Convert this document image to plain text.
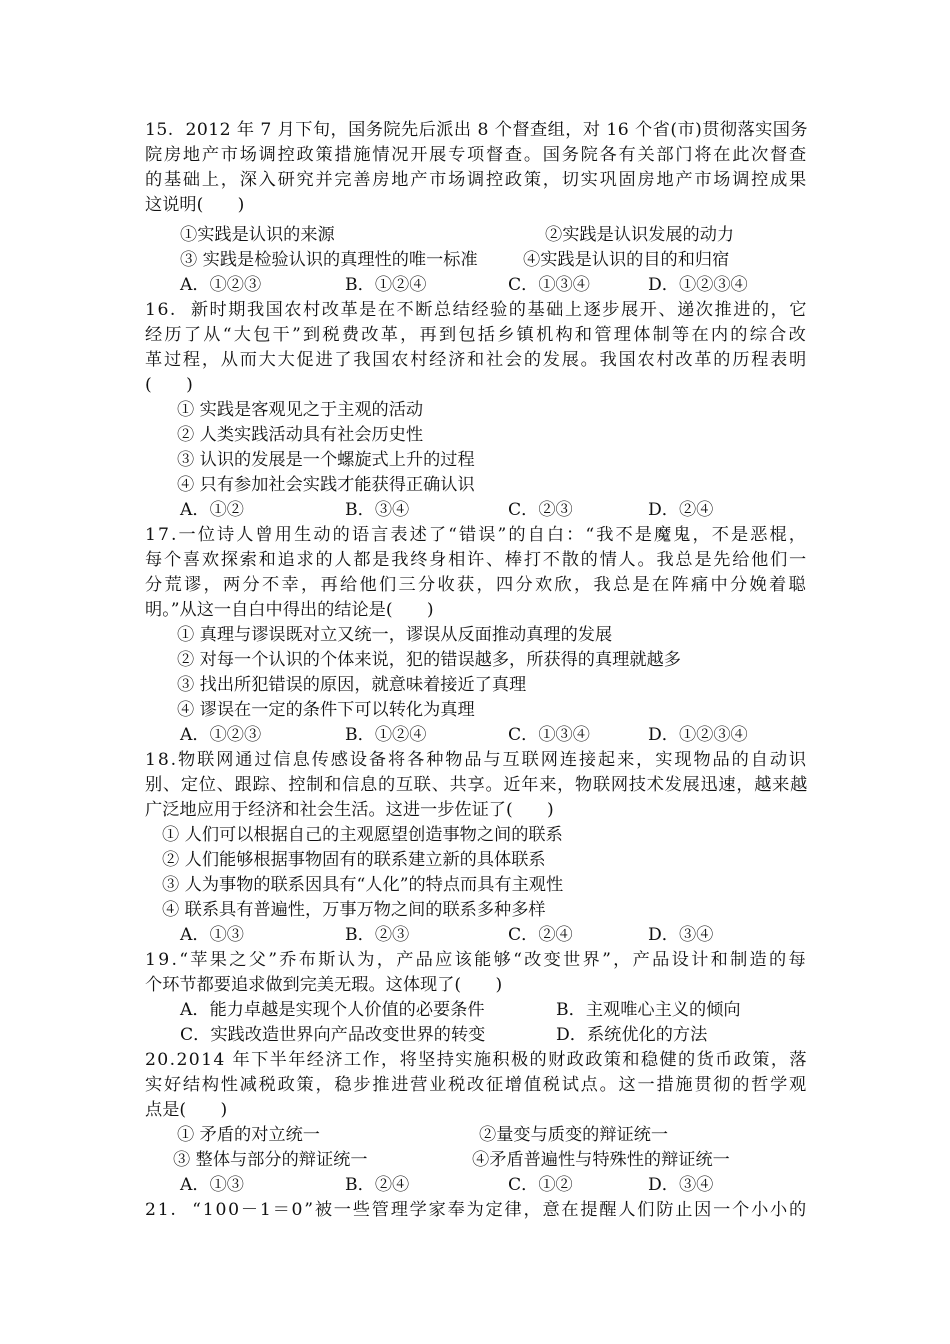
15.  2012 年 7 月下旬，国务院先后派出 8 个督查组，对 16 个省(市)贯彻落实国务
院房地产市场调控政策措施情况开展专项督查。国务院各有关部门将在此次督查
的基础上，深入研究并完善房地产市场调控政策，切实巩固房地产市场调控成果
这说明(　　)
①实践是认识的来源	②实践是认识发展的动力
③ 实践是检验认识的真理性的唯一标准	④实践是认识的目的和归宿
A．①②③	B．①②④	C．①③④	D．①②③④
16.  新时期我国农村改革是在不断总结经验的基础上逐步展开、递次推进的，它
经历了从“大包干”到税费改革，再到包括乡镇机构和管理体制等在内的综合改
革过程，从而大大促进了我国农村经济和社会的发展。我国农村改革的历程表明
(　　)
① 实践是客观见之于主观的活动
② 人类实践活动具有社会历史性
③ 认识的发展是一个螺旋式上升的过程
④ 只有参加社会实践才能获得正确认识
A．①②	B．③④	C．②③	D．②④
17.一位诗人曾用生动的语言表述了“错误”的自白：“我不是魔鬼，不是恶棍，
每个喜欢探索和追求的人都是我终身相许、棒打不散的情人。我总是先给他们一
分荒谬，两分不幸，再给他们三分收获，四分欢欣，我总是在阵痛中分娩着聪
明。”从这一自白中得出的结论是(　　)
① 真理与谬误既对立又统一，谬误从反面推动真理的发展
② 对每一个认识的个体来说，犯的错误越多，所获得的真理就越多
③ 找出所犯错误的原因，就意味着接近了真理
④ 谬误在一定的条件下可以转化为真理
A．①②③	B．①②④	C．①③④	D．①②③④
18.物联网通过信息传感设备将各种物品与互联网连接起来，实现物品的自动识
别、定位、跟踪、控制和信息的互联、共享。近年来，物联网技术发展迅速，越来越
广泛地应用于经济和社会生活。这进一步佐证了(　　)
① 人们可以根据自己的主观愿望创造事物之间的联系
② 人们能够根据事物固有的联系建立新的具体联系
③ 人为事物的联系因具有“人化”的特点而具有主观性
④ 联系具有普遍性，万事万物之间的联系多种多样
A．①③	B．②③	C．②④	D．③④
19.“苹果之父”乔布斯认为，产品应该能够“改变世界”，产品设计和制造的每
个环节都要追求做到完美无瑕。这体现了(　　)
A．能力卓越是实现个人价值的必要条件	B．主观唯心主义的倾向
C．实践改造世界向产品改变世界的转变	D．系统优化的方法
20.2014 年下半年经济工作，将坚持实施积极的财政政策和稳健的货币政策，落
实好结构性减税政策，稳步推进营业税改征增值税试点。这一措施贯彻的哲学观
点是(　　)
① 矛盾的对立统一	②量变与质变的辩证统一
③ 整体与部分的辩证统一	④矛盾普遍性与特殊性的辩证统一
A．①③	B．②④	C．①②	D．③④
21.  “100－1＝0”被一些管理学家奉为定律，意在提醒人们防止因一个小小的
